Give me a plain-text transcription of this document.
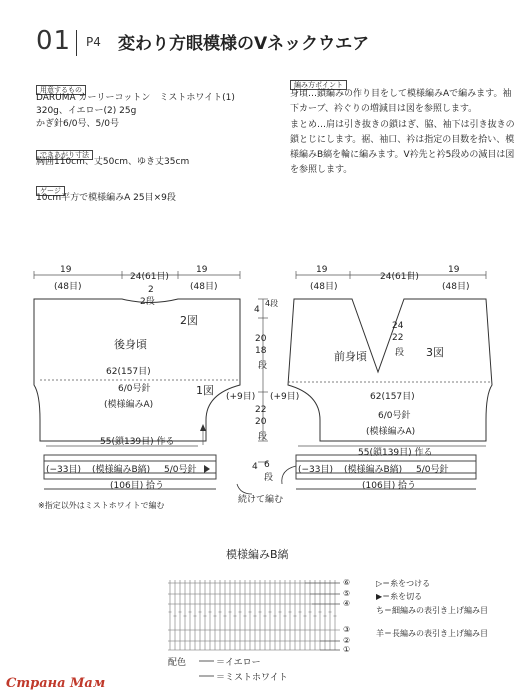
01 P4 変わり方眼模様のVネックウエア
用意するもの
DARUMA カーリーコットン　ミストホワイト(1)
320g、イエロー(2) 25g
かぎ針6/0号、5/0号
できあがり寸法
胸囲110cm、丈50cm、ゆき丈35cm
ゲージ
10cm平方で模様編みA 25目×9段
編み方ポイント
身頃…鎖編みの作り目をして模様編みAで編みます。袖下カーブ、衿ぐりの増減目は図を参照します。
まとめ…肩は引き抜きの鎖はぎ、脇、袖下は引き抜きの鎖とじにします。裾、袖口、衿は指定の目数を拾い、模様編みB縞を輪に編みます。V衿先と衿5段めの減目は図を参照します。
19
(48目)
24(61目)
19
(48目)
2
2段
2図
後身頃
62(157目)
6/0号針
(模様編みA)
1図
55(鎖139目) 作る
(−33目) (模様編みB縞) 5/0号針
(106目) 拾う
※指定以外はミストホワイトで編む
4
4段
20
18
段
(+9目) (+9目)
22
20
段
4 6
段
続けて編む
19
(48目)
24(61目)
19
(48目)
24
22
段
前身頃	3図
62(157目)
6/0号針
(模様編みA)
55(鎖139目) 作る
(−33目) (模様編みB縞) 5/0号針
(106目) 拾う
模様編みB縞
⑥
⑤
④
③
②
①
▷＝糸をつける
▶＝糸を切る
ち＝細編みの表引き上げ編み目
羊＝長編みの表引き上げ編み目
配色	＝イエロー
＝ミストホワイト
Страна Мам
